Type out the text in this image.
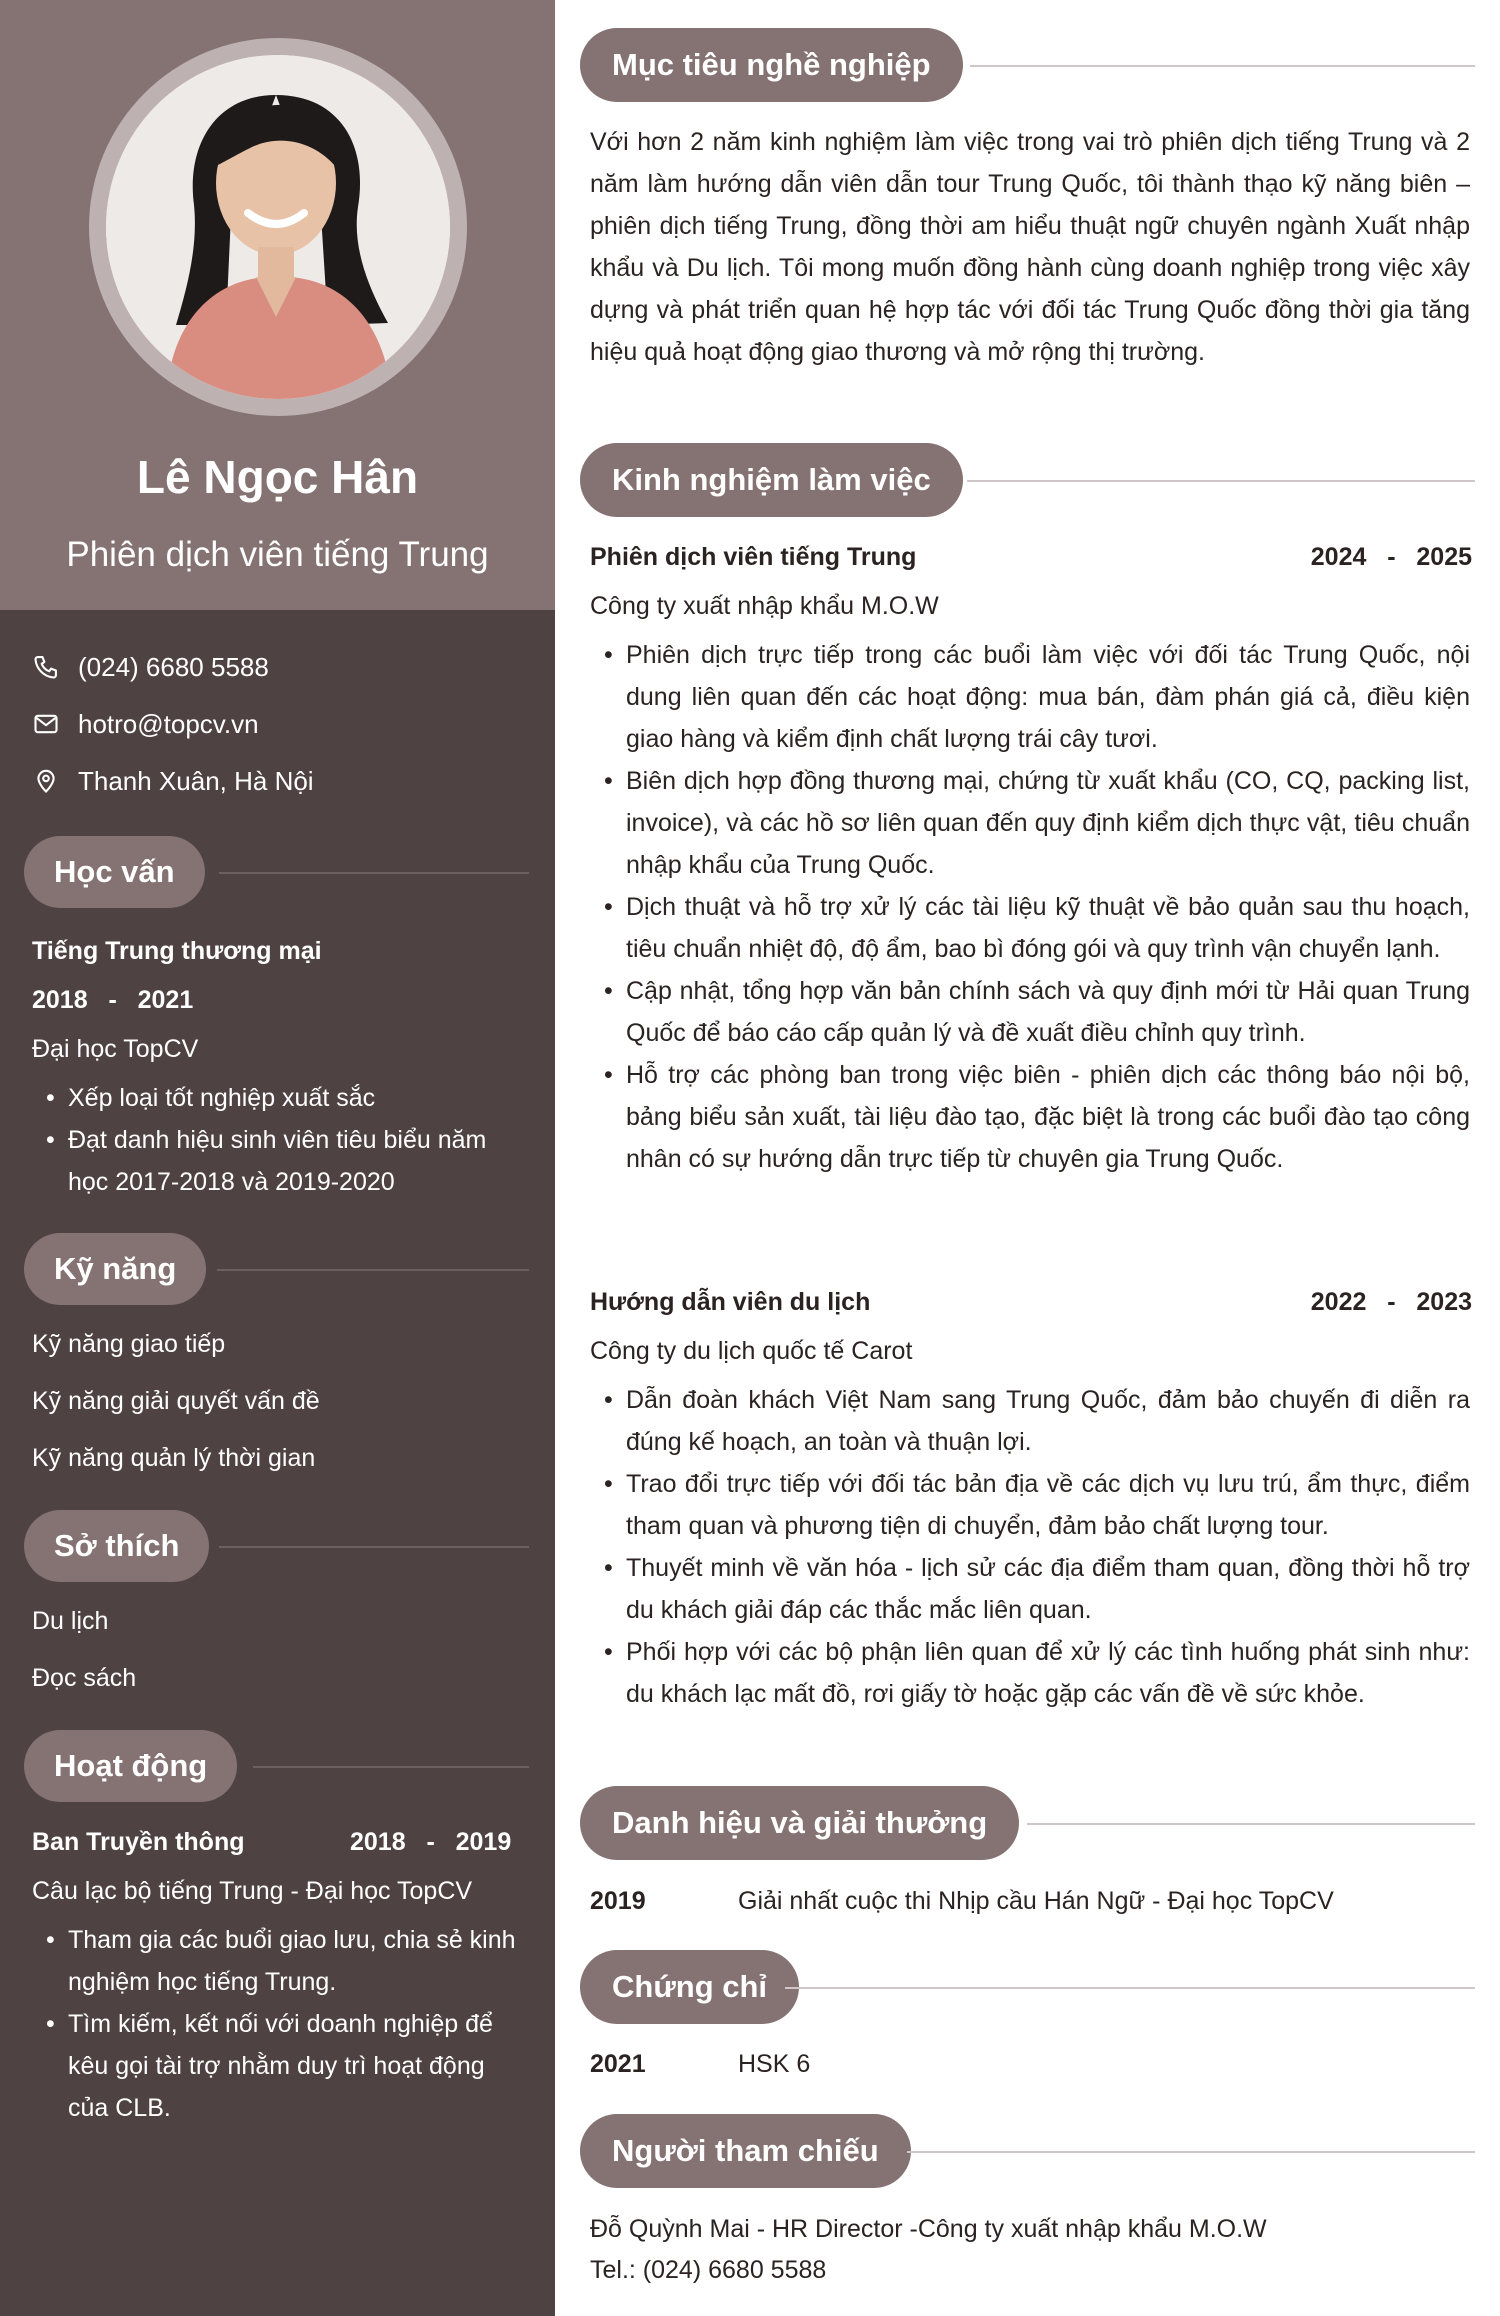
Lê Ngọc Hân
Phiên dịch viên tiếng Trung
(024) 6680 5588
hotro@topcv.vn
Thanh Xuân, Hà Nội
Học vấn
Tiếng Trung thương mại
2018   -   2021
Đại học TopCV
• Xếp loại tốt nghiệp xuất sắc
• Đạt danh hiệu sinh viên tiêu biểu năm học 2017-2018 và 2019-2020
Kỹ năng
Kỹ năng giao tiếp
Kỹ năng giải quyết vấn đề
Kỹ năng quản lý thời gian
Sở thích
Du lịch
Đọc sách
Hoạt động
Ban Truyền thông	2018   -   2019
Câu lạc bộ tiếng Trung - Đại học TopCV
• Tham gia các buổi giao lưu, chia sẻ kinh nghiệm học tiếng Trung.
• Tìm kiếm, kết nối với doanh nghiệp để kêu gọi tài trợ nhằm duy trì hoạt động của CLB.
Mục tiêu nghề nghiệp
Với hơn 2 năm kinh nghiệm làm việc trong vai trò phiên dịch tiếng Trung và 2 năm làm hướng dẫn viên dẫn tour Trung Quốc, tôi thành thạo kỹ năng biên – phiên dịch tiếng Trung, đồng thời am hiểu thuật ngữ chuyên ngành Xuất nhập khẩu và Du lịch. Tôi mong muốn đồng hành cùng doanh nghiệp trong việc xây dựng và phát triển quan hệ hợp tác với đối tác Trung Quốc đồng thời gia tăng hiệu quả hoạt động giao thương và mở rộng thị trường.
Kinh nghiệm làm việc
Phiên dịch viên tiếng Trung	2024   -   2025
Công ty xuất nhập khẩu M.O.W
• Phiên dịch trực tiếp trong các buổi làm việc với đối tác Trung Quốc, nội dung liên quan đến các hoạt động: mua bán, đàm phán giá cả, điều kiện giao hàng và kiểm định chất lượng trái cây tươi.
• Biên dịch hợp đồng thương mại, chứng từ xuất khẩu (CO, CQ, packing list, invoice), và các hồ sơ liên quan đến quy định kiểm dịch thực vật, tiêu chuẩn nhập khẩu của Trung Quốc.
• Dịch thuật và hỗ trợ xử lý các tài liệu kỹ thuật về bảo quản sau thu hoạch, tiêu chuẩn nhiệt độ, độ ẩm, bao bì đóng gói và quy trình vận chuyển lạnh.
• Cập nhật, tổng hợp văn bản chính sách và quy định mới từ Hải quan Trung Quốc để báo cáo cấp quản lý và đề xuất điều chỉnh quy trình.
• Hỗ trợ các phòng ban trong việc biên - phiên dịch các thông báo nội bộ, bảng biểu sản xuất, tài liệu đào tạo, đặc biệt là trong các buổi đào tạo công nhân có sự hướng dẫn trực tiếp từ chuyên gia Trung Quốc.
Hướng dẫn viên du lịch	2022   -   2023
Công ty du lịch quốc tế Carot
• Dẫn đoàn khách Việt Nam sang Trung Quốc, đảm bảo chuyến đi diễn ra đúng kế hoạch, an toàn và thuận lợi.
• Trao đổi trực tiếp với đối tác bản địa về các dịch vụ lưu trú, ẩm thực, điểm tham quan và phương tiện di chuyển, đảm bảo chất lượng tour.
• Thuyết minh về văn hóa - lịch sử các địa điểm tham quan, đồng thời hỗ trợ du khách giải đáp các thắc mắc liên quan.
• Phối hợp với các bộ phận liên quan để xử lý các tình huống phát sinh như: du khách lạc mất đồ, rơi giấy tờ hoặc gặp các vấn đề về sức khỏe.
Danh hiệu và giải thưởng
2019	Giải nhất cuộc thi Nhịp cầu Hán Ngữ - Đại học TopCV
Chứng chỉ
2021	HSK 6
Người tham chiếu
Đỗ Quỳnh Mai - HR Director -Công ty xuất nhập khẩu M.O.W
Tel.: (024) 6680 5588
